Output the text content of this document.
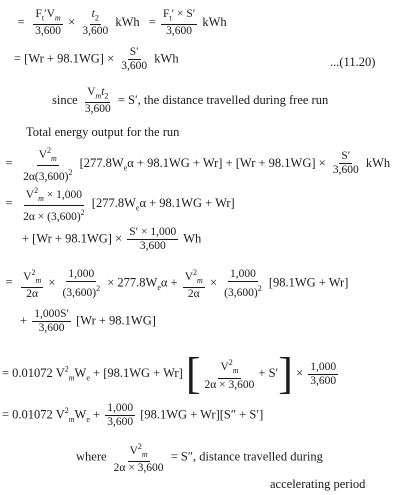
= $\frac{F_t'V_m}{3,600} \times \frac{t_2}{3,600}$ kWh = $\frac{F_t' \times S'}{3,600}$ kWh
= $[Wr + 98.1WG] \times \frac{S'}{3,600}$ kWh	...(11.20)
since $\frac{V_mt_2}{3,600} = S'$, the distance travelled during free run
Total energy output for the run
= $\frac{V^2_m}{2\alpha(3,600)^2} [277.8W_e\alpha + 98.1WG + Wr] + [Wr + 98.1WG] \times \frac{S'}{3,600}$ kWh
= $\frac{V^2_m \times 1,000}{2\alpha \times (3,600)^2} [277.8W_e\alpha + 98.1WG + Wr]$
+ $[Wr + 98.1WG] \times \frac{S' \times 1,000}{3,600}$ Wh
= $\frac{V^2_m}{2\alpha} \times \frac{1,000}{(3,600)^2} \times 277.8W_e\alpha + \frac{V^2_m}{2\alpha} \times \frac{1,000}{(3,600)^2} [98.1WG + Wr]$
+ $\frac{1,000S'}{3,600} [Wr + 98.1WG]$
= 0.01072 $V^2_mW_e + [98.1WG + Wr]$ [ $\frac{V^2_m}{2\alpha \times 3,600} + S'] \times \frac{1,000}{3,600}$
= 0.01072 $V^2_mW_e + \frac{1,000}{3,600} [98.1WG + Wr][S'' + S']$
where $\frac{V^2_m}{2\alpha \times 3,600} = S''$, distance travelled during
accelerating period
